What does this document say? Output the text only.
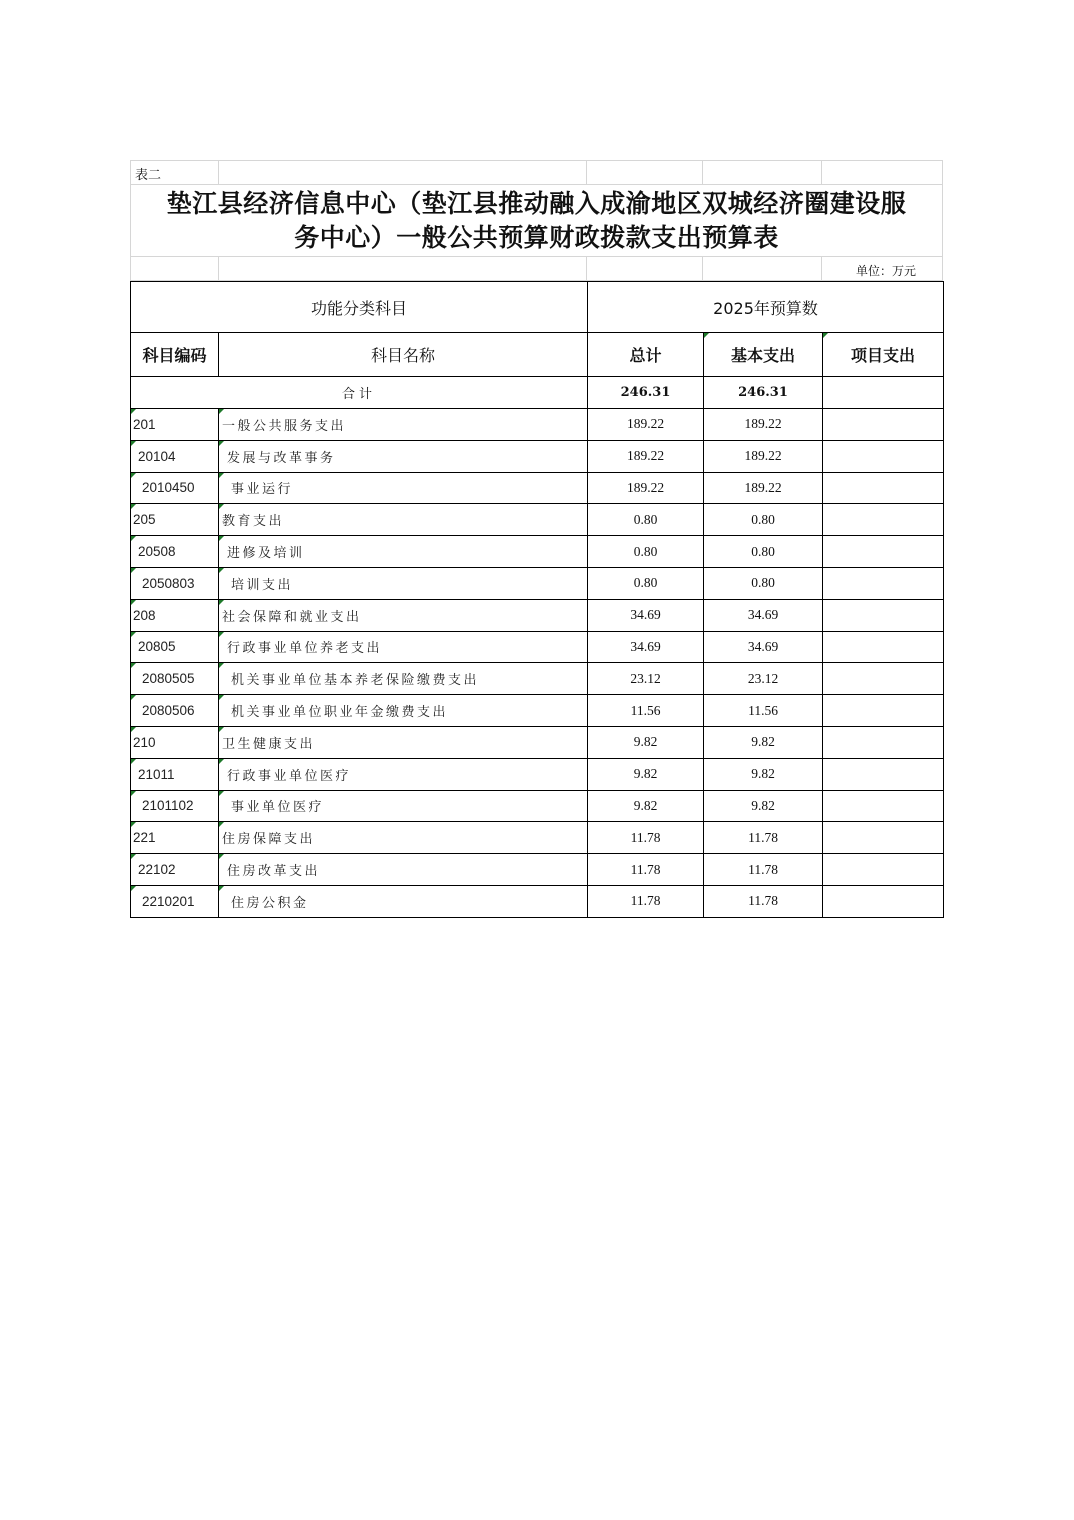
表二
垫江县经济信息中心（垫江县推动融入成渝地区双城经济圈建设服
务中心）一般公共预算财政拨款支出预算表
单位：万元
功能分类科目		2025年预算数		
科目编码	科目名称	总计	基本支出	项目支出
合计		246.31	246.31	

201	一般公共服务支出	189.22	189.22	

20104	发展与改革事务	189.22	189.22	

2010450	事业运行	189.22	189.22	

205	教育支出	0.80	0.80	

20508	进修及培训	0.80	0.80	

2050803	培训支出	0.80	0.80	

208	社会保障和就业支出	34.69	34.69	

20805	行政事业单位养老支出	34.69	34.69	

2080505	机关事业单位基本养老保险缴费支出	23.12	23.12	

2080506	机关事业单位职业年金缴费支出	11.56	11.56	

210	卫生健康支出	9.82	9.82	

21011	行政事业单位医疗	9.82	9.82	

2101102	事业单位医疗	9.82	9.82	

221	住房保障支出	11.78	11.78	

22102	住房改革支出	11.78	11.78	

2210201	住房公积金	11.78	11.78	
